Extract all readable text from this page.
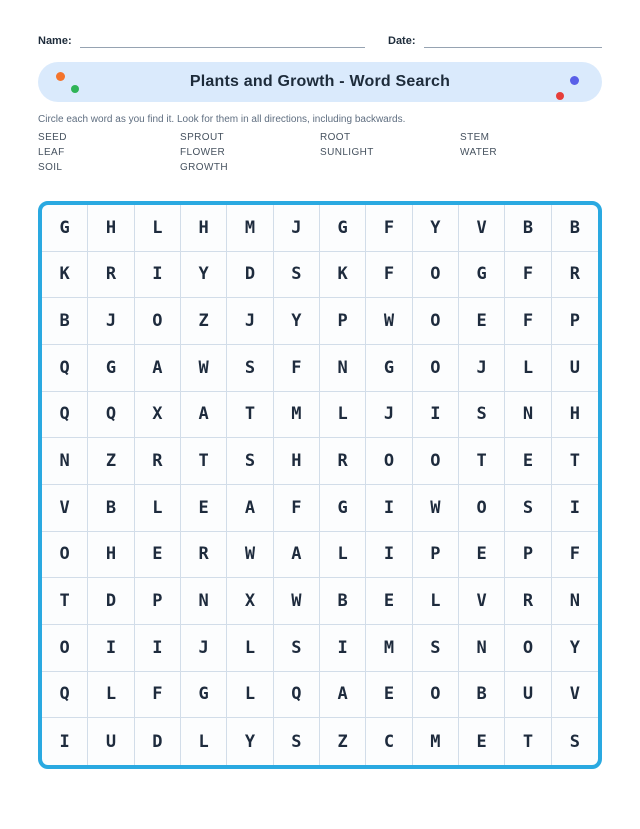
Name:	Date:
Plants and Growth - Word Search

Circle each word as you find it. Look for them in all directions, including backwards.

SEED
LEAF
SOIL
SPROUT
FLOWER
GROWTH
ROOT
SUNLIGHT
STEM
WATER
G	H	L	H	M	J	G	F	Y	V	B	B
K	R	I	Y	D	S	K	F	O	G	F	R
B	J	O	Z	J	Y	P	W	O	E	F	P
Q	G	A	W	S	F	N	G	O	J	L	U
Q	Q	X	A	T	M	L	J	I	S	N	H
N	Z	R	T	S	H	R	O	O	T	E	T
V	B	L	E	A	F	G	I	W	O	S	I
O	H	E	R	W	A	L	I	P	E	P	F
T	D	P	N	X	W	B	E	L	V	R	N
O	I	I	J	L	S	I	M	S	N	O	Y
Q	L	F	G	L	Q	A	E	O	B	U	V
I	U	D	L	Y	S	Z	C	M	E	T	S
